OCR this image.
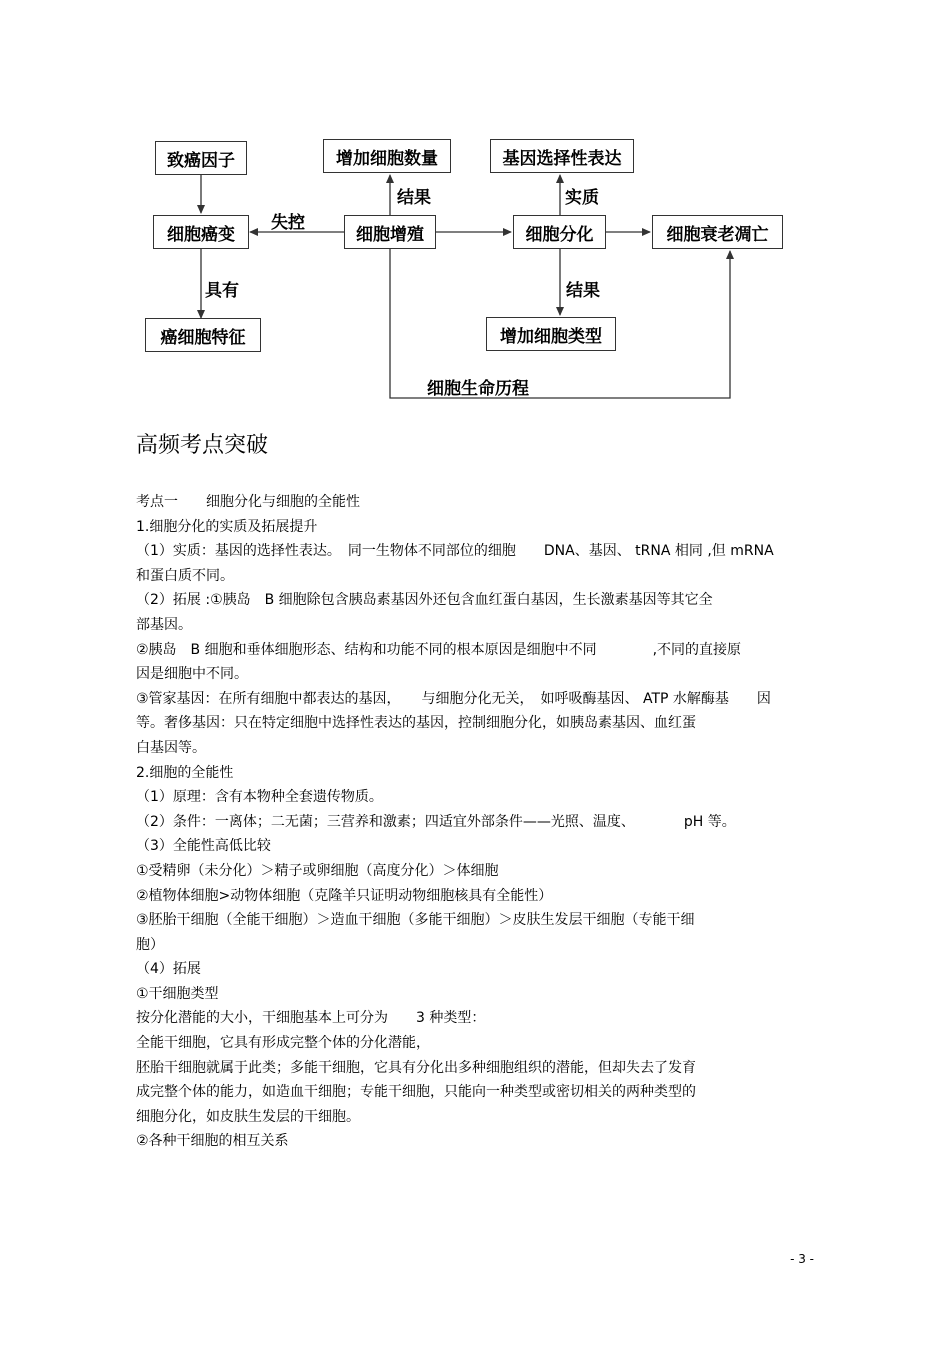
致癌因子
细胞癌变
癌细胞特征
增加细胞数量
细胞增殖
基因选择性表达
细胞分化
增加细胞类型
细胞衰老凋亡
失控
具有
结果	实质
结果
细胞生命历程
高频考点突破

考点一　　细胞分化与细胞的全能性

1.细胞分化的实质及拓展提升

（1）实质：基因的选择性表达。　同一生物体不同部位的细胞　　DNA、基因、 tRNA 相同 ,但 mRNA

和蛋白质不同。

（2）拓展 :①胰岛　B 细胞除包含胰岛素基因外还包含血红蛋白基因，生长激素基因等其它全

部基因。

②胰岛　B 细胞和垂体细胞形态、结构和功能不同的根本原因是细胞中不同　　　　,不同的直接原

因是细胞中不同。

③管家基因：在所有细胞中都表达的基因，　　与细胞分化无关，　如呼吸酶基因、 ATP 水解酶基　　因

等。奢侈基因：只在特定细胞中选择性表达的基因，控制细胞分化，如胰岛素基因、血红蛋

白基因等。

2.细胞的全能性

（1）原理：含有本物种全套遗传物质。

（2）条件：一离体；二无菌；三营养和激素；四适宜外部条件——光照、温度、　　　　pH 等。

（3）全能性高低比较

①受精卵（未分化）＞精子或卵细胞（高度分化）＞体细胞

②植物体细胞>动物体细胞（克隆羊只证明动物细胞核具有全能性）

③胚胎干细胞（全能干细胞）＞造血干细胞（多能干细胞）＞皮肤生发层干细胞（专能干细

胞）

（4）拓展

①干细胞类型

按分化潜能的大小，干细胞基本上可分为　　3 种类型：

全能干细胞，它具有形成完整个体的分化潜能，

胚胎干细胞就属于此类；多能干细胞，它具有分化出多种细胞组织的潜能，但却失去了发育

成完整个体的能力，如造血干细胞；专能干细胞，只能向一种类型或密切相关的两种类型的

细胞分化，如皮肤生发层的干细胞。

②各种干细胞的相互关系

- 3 -
